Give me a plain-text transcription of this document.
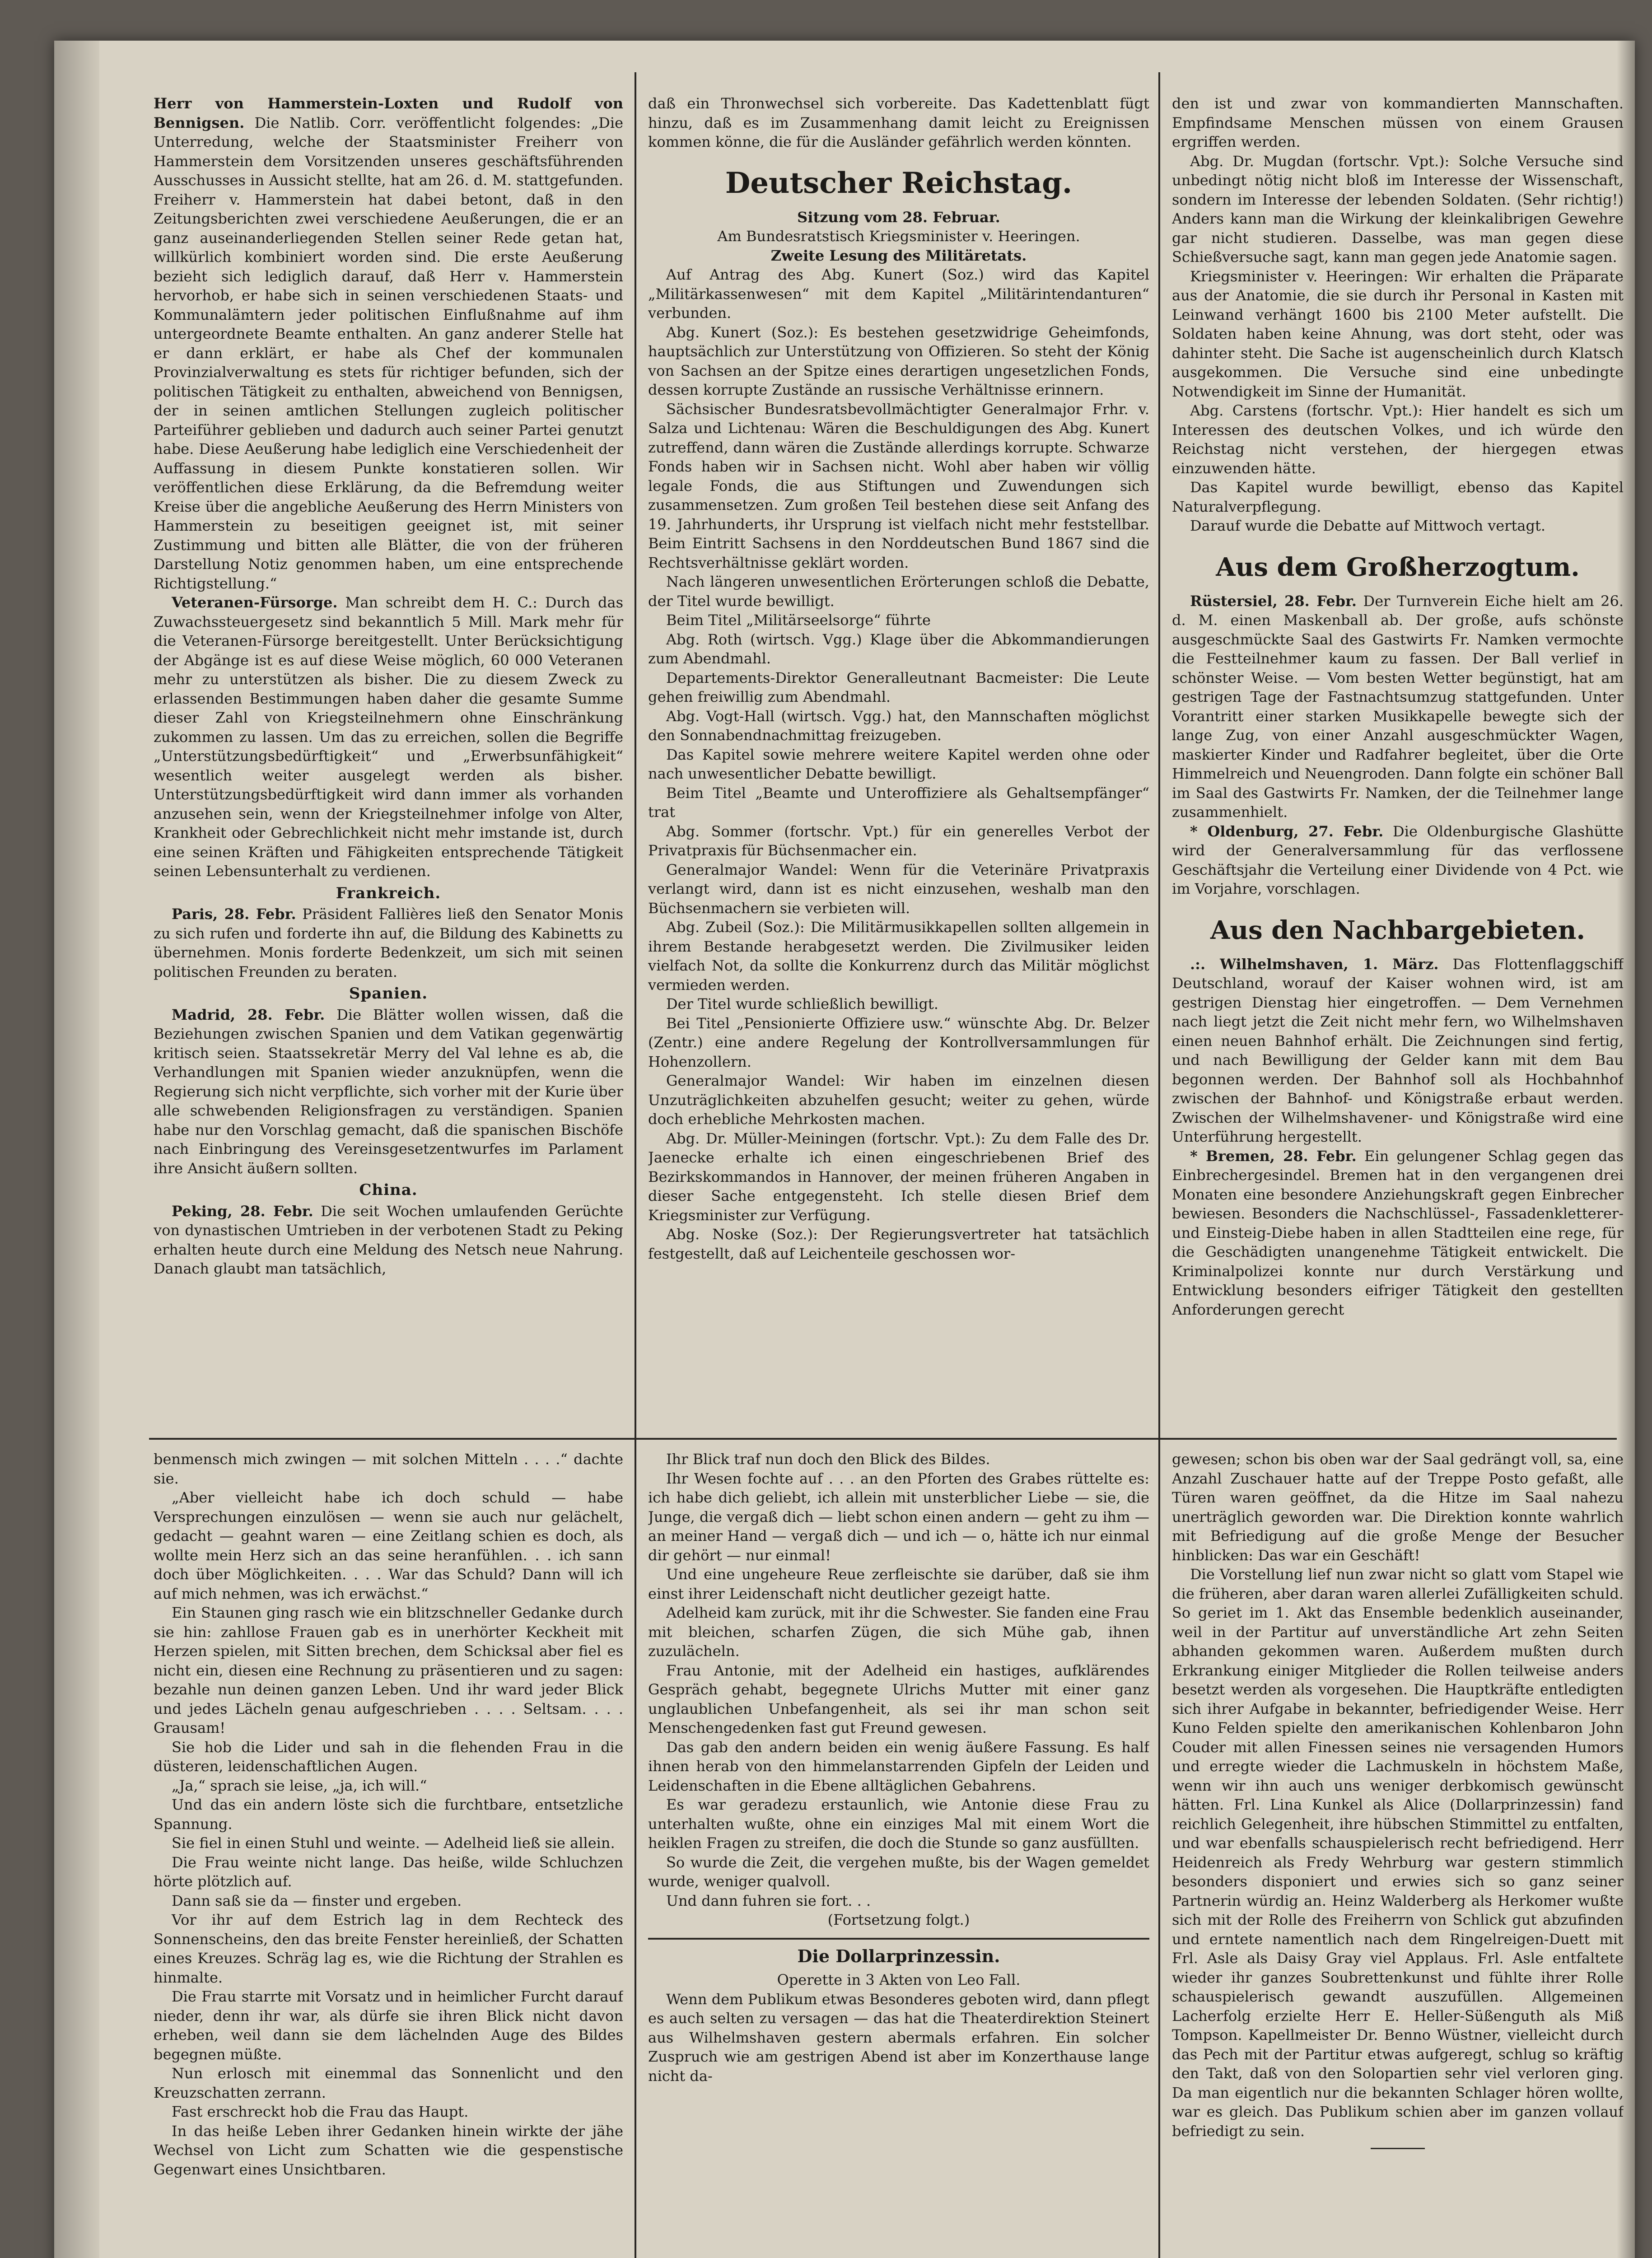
Herr von Hammerstein-Loxten und Rudolf von Bennigsen. Die Natlib. Corr. veröffentlicht folgendes: „Die Unterredung, welche der Staatsminister Freiherr von Hammerstein dem Vorsitzenden unseres geschäftsführenden Ausschusses in Aussicht stellte, hat am 26. d. M. stattgefunden. Freiherr v. Hammerstein hat dabei betont, daß in den Zeitungsberichten zwei verschiedene Aeußerungen, die er an ganz auseinanderliegenden Stellen seiner Rede getan hat, willkürlich kombiniert worden sind. Die erste Aeußerung bezieht sich lediglich darauf, daß Herr v. Hammerstein hervorhob, er habe sich in seinen verschiedenen Staats- und Kommunalämtern jeder politischen Einflußnahme auf ihm untergeordnete Beamte enthalten. An ganz anderer Stelle hat er dann erklärt, er habe als Chef der kommunalen Provinzialverwaltung es stets für richtiger befunden, sich der politischen Tätigkeit zu enthalten, abweichend von Bennigsen, der in seinen amtlichen Stellungen zugleich politischer Parteiführer geblieben und dadurch auch seiner Partei genutzt habe. Diese Aeußerung habe lediglich eine Verschiedenheit der Auffassung in diesem Punkte konstatieren sollen. Wir veröffentlichen diese Erklärung, da die Befremdung weiter Kreise über die angebliche Aeußerung des Herrn Ministers von Hammerstein zu beseitigen geeignet ist, mit seiner Zustimmung und bitten alle Blätter, die von der früheren Darstellung Notiz genommen haben, um eine entsprechende Richtigstellung.“

Veteranen-Fürsorge. Man schreibt dem H. C.: Durch das Zuwachssteuergesetz sind bekanntlich 5 Mill. Mark mehr für die Veteranen-Fürsorge bereitgestellt. Unter Berücksichtigung der Abgänge ist es auf diese Weise möglich, 60 000 Veteranen mehr zu unterstützen als bisher. Die zu diesem Zweck zu erlassenden Bestimmungen haben daher die gesamte Summe dieser Zahl von Kriegsteilnehmern ohne Einschränkung zukommen zu lassen. Um das zu erreichen, sollen die Begriffe „Unterstützungsbedürftigkeit“ und „Erwerbsunfähigkeit“ wesentlich weiter ausgelegt werden als bisher. Unterstützungsbedürftigkeit wird dann immer als vorhanden anzusehen sein, wenn der Kriegsteilnehmer infolge von Alter, Krankheit oder Gebrechlichkeit nicht mehr imstande ist, durch eine seinen Kräften und Fähigkeiten entsprechende Tätigkeit seinen Lebensunterhalt zu verdienen.

Frankreich.

Paris, 28. Febr. Präsident Fallières ließ den Senator Monis zu sich rufen und forderte ihn auf, die Bildung des Kabinetts zu übernehmen. Monis forderte Bedenkzeit, um sich mit seinen politischen Freunden zu beraten.

Spanien.

Madrid, 28. Febr. Die Blätter wollen wissen, daß die Beziehungen zwischen Spanien und dem Vatikan gegenwärtig kritisch seien. Staatssekretär Merry del Val lehne es ab, die Verhandlungen mit Spanien wieder anzuknüpfen, wenn die Regierung sich nicht verpflichte, sich vorher mit der Kurie über alle schwebenden Religionsfragen zu verständigen. Spanien habe nur den Vorschlag gemacht, daß die spanischen Bischöfe nach Einbringung des Vereinsgesetzentwurfes im Parlament ihre Ansicht äußern sollten.

China.

Peking, 28. Febr. Die seit Wochen umlaufenden Gerüchte von dynastischen Umtrieben in der verbotenen Stadt zu Peking erhalten heute durch eine Meldung des Netsch neue Nahrung. Danach glaubt man tatsächlich,

daß ein Thronwechsel sich vorbereite. Das Kadettenblatt fügt hinzu, daß es im Zusammenhang damit leicht zu Ereignissen kommen könne, die für die Ausländer gefährlich werden könnten.

Deutscher Reichstag.
Sitzung vom 28. Februar.

Am Bundesratstisch Kriegsminister v. Heeringen.

Zweite Lesung des Militäretats.

Auf Antrag des Abg. Kunert (Soz.) wird das Kapitel „Militärkassenwesen“ mit dem Kapitel „Militärintendanturen“ verbunden.

Abg. Kunert (Soz.): Es bestehen gesetzwidrige Geheimfonds, hauptsächlich zur Unterstützung von Offizieren. So steht der König von Sachsen an der Spitze eines derartigen ungesetzlichen Fonds, dessen korrupte Zustände an russische Verhältnisse erinnern.

Sächsischer Bundesratsbevollmächtigter Generalmajor Frhr. v. Salza und Lichtenau: Wären die Beschuldigungen des Abg. Kunert zutreffend, dann wären die Zustände allerdings korrupte. Schwarze Fonds haben wir in Sachsen nicht. Wohl aber haben wir völlig legale Fonds, die aus Stiftungen und Zuwendungen sich zusammensetzen. Zum großen Teil bestehen diese seit Anfang des 19. Jahrhunderts, ihr Ursprung ist vielfach nicht mehr feststellbar. Beim Eintritt Sachsens in den Norddeutschen Bund 1867 sind die Rechtsverhältnisse geklärt worden.

Nach längeren unwesentlichen Erörterungen schloß die Debatte, der Titel wurde bewilligt.

Beim Titel „Militärseelsorge“ führte

Abg. Roth (wirtsch. Vgg.) Klage über die Abkommandierungen zum Abendmahl.

Departements-Direktor Generalleutnant Bacmeister: Die Leute gehen freiwillig zum Abendmahl.

Abg. Vogt-Hall (wirtsch. Vgg.) hat, den Mannschaften möglichst den Sonnabendnachmittag freizugeben.

Das Kapitel sowie mehrere weitere Kapitel werden ohne oder nach unwesentlicher Debatte bewilligt.

Beim Titel „Beamte und Unteroffiziere als Gehaltsempfänger“ trat

Abg. Sommer (fortschr. Vpt.) für ein generelles Verbot der Privatpraxis für Büchsenmacher ein.

Generalmajor Wandel: Wenn für die Veterinäre Privatpraxis verlangt wird, dann ist es nicht einzusehen, weshalb man den Büchsenmachern sie verbieten will.

Abg. Zubeil (Soz.): Die Militärmusikkapellen sollten allgemein in ihrem Bestande herabgesetzt werden. Die Zivilmusiker leiden vielfach Not, da sollte die Konkurrenz durch das Militär möglichst vermieden werden.

Der Titel wurde schließlich bewilligt.

Bei Titel „Pensionierte Offiziere usw.“ wünschte Abg. Dr. Belzer (Zentr.) eine andere Regelung der Kontrollversammlungen für Hohenzollern.

Generalmajor Wandel: Wir haben im einzelnen diesen Unzuträglichkeiten abzuhelfen gesucht; weiter zu gehen, würde doch erhebliche Mehrkosten machen.

Abg. Dr. Müller-Meiningen (fortschr. Vpt.): Zu dem Falle des Dr. Jaenecke erhalte ich einen eingeschriebenen Brief des Bezirkskommandos in Hannover, der meinen früheren Angaben in dieser Sache entgegensteht. Ich stelle diesen Brief dem Kriegsminister zur Verfügung.

Abg. Noske (Soz.): Der Regierungsvertreter hat tatsächlich festgestellt, daß auf Leichenteile geschossen wor-

den ist und zwar von kommandierten Mannschaften. Empfindsame Menschen müssen von einem Grausen ergriffen werden.

Abg. Dr. Mugdan (fortschr. Vpt.): Solche Versuche sind unbedingt nötig nicht bloß im Interesse der Wissenschaft, sondern im Interesse der lebenden Soldaten. (Sehr richtig!) Anders kann man die Wirkung der kleinkalibrigen Gewehre gar nicht studieren. Dasselbe, was man gegen diese Schießversuche sagt, kann man gegen jede Anatomie sagen.

Kriegsminister v. Heeringen: Wir erhalten die Präparate aus der Anatomie, die sie durch ihr Personal in Kasten mit Leinwand verhängt 1600 bis 2100 Meter aufstellt. Die Soldaten haben keine Ahnung, was dort steht, oder was dahinter steht. Die Sache ist augenscheinlich durch Klatsch ausgekommen. Die Versuche sind eine unbedingte Notwendigkeit im Sinne der Humanität.

Abg. Carstens (fortschr. Vpt.): Hier handelt es sich um Interessen des deutschen Volkes, und ich würde den Reichstag nicht verstehen, der hiergegen etwas einzuwenden hätte.

Das Kapitel wurde bewilligt, ebenso das Kapitel Naturalverpflegung.

Darauf wurde die Debatte auf Mittwoch vertagt.

Aus dem Großherzogtum.

Rüstersiel, 28. Febr. Der Turnverein Eiche hielt am 26. d. M. einen Maskenball ab. Der große, aufs schönste ausgeschmückte Saal des Gastwirts Fr. Namken vermochte die Festteilnehmer kaum zu fassen. Der Ball verlief in schönster Weise. — Vom besten Wetter begünstigt, hat am gestrigen Tage der Fastnachtsumzug stattgefunden. Unter Vorantritt einer starken Musikkapelle bewegte sich der lange Zug, von einer Anzahl ausgeschmückter Wagen, maskierter Kinder und Radfahrer begleitet, über die Orte Himmelreich und Neuengroden. Dann folgte ein schöner Ball im Saal des Gastwirts Fr. Namken, der die Teilnehmer lange zusammenhielt.

* Oldenburg, 27. Febr. Die Oldenburgische Glashütte wird der Generalversammlung für das verflossene Geschäftsjahr die Verteilung einer Dividende von 4 Pct. wie im Vorjahre, vorschlagen.

Aus den Nachbargebieten.

.:. Wilhelmshaven, 1. März. Das Flottenflaggschiff Deutschland, worauf der Kaiser wohnen wird, ist am gestrigen Dienstag hier eingetroffen. — Dem Vernehmen nach liegt jetzt die Zeit nicht mehr fern, wo Wilhelmshaven einen neuen Bahnhof erhält. Die Zeichnungen sind fertig, und nach Bewilligung der Gelder kann mit dem Bau begonnen werden. Der Bahnhof soll als Hochbahnhof zwischen der Bahnhof- und Königstraße erbaut werden. Zwischen der Wilhelmshavener- und Königstraße wird eine Unterführung hergestellt.

* Bremen, 28. Febr. Ein gelungener Schlag gegen das Einbrechergesindel. Bremen hat in den vergangenen drei Monaten eine besondere Anziehungskraft gegen Einbrecher bewiesen. Besonders die Nachschlüssel-, Fassadenkletterer- und Einsteig-Diebe haben in allen Stadtteilen eine rege, für die Geschädigten unangenehme Tätigkeit entwickelt. Die Kriminalpolizei konnte nur durch Verstärkung und Entwicklung besonders eifriger Tätigkeit den gestellten Anforderungen gerecht

benmensch mich zwingen — mit solchen Mitteln . . . .“ dachte sie.

„Aber vielleicht habe ich doch schuld — habe Versprechungen einzulösen — wenn sie auch nur gelächelt, gedacht — geahnt waren — eine Zeitlang schien es doch, als wollte mein Herz sich an das seine heranfühlen. . . ich sann doch über Möglichkeiten. . . . War das Schuld? Dann will ich auf mich nehmen, was ich erwächst.“

Ein Staunen ging rasch wie ein blitzschneller Gedanke durch sie hin: zahllose Frauen gab es in unerhörter Keckheit mit Herzen spielen, mit Sitten brechen, dem Schicksal aber fiel es nicht ein, diesen eine Rechnung zu präsentieren und zu sagen: bezahle nun deinen ganzen Leben. Und ihr ward jeder Blick und jedes Lächeln genau aufgeschrieben . . . . Seltsam. . . . Grausam!

Sie hob die Lider und sah in die flehenden Frau in die düsteren, leidenschaftlichen Augen.

„Ja,“ sprach sie leise, „ja, ich will.“

Und das ein andern löste sich die furchtbare, entsetzliche Spannung.

Sie fiel in einen Stuhl und weinte. — Adelheid ließ sie allein.

Die Frau weinte nicht lange. Das heiße, wilde Schluchzen hörte plötzlich auf.

Dann saß sie da — finster und ergeben.

Vor ihr auf dem Estrich lag in dem Rechteck des Sonnenscheins, den das breite Fenster hereinließ, der Schatten eines Kreuzes. Schräg lag es, wie die Richtung der Strahlen es hinmalte.

Die Frau starrte mit Vorsatz und in heimlicher Furcht darauf nieder, denn ihr war, als dürfe sie ihren Blick nicht davon erheben, weil dann sie dem lächelnden Auge des Bildes begegnen müßte.

Nun erlosch mit einemmal das Sonnenlicht und den Kreuzschatten zerrann.

Fast erschreckt hob die Frau das Haupt.

In das heiße Leben ihrer Gedanken hinein wirkte der jähe Wechsel von Licht zum Schatten wie die gespenstische Gegenwart eines Unsichtbaren.

Ihr Blick traf nun doch den Blick des Bildes.

Ihr Wesen fochte auf . . . an den Pforten des Grabes rüttelte es: ich habe dich geliebt, ich allein mit unsterblicher Liebe — sie, die Junge, die vergaß dich — liebt schon einen andern — geht zu ihm — an meiner Hand — vergaß dich — und ich — o, hätte ich nur einmal dir gehört — nur einmal!

Und eine ungeheure Reue zerfleischte sie darüber, daß sie ihm einst ihrer Leidenschaft nicht deutlicher gezeigt hatte.

Adelheid kam zurück, mit ihr die Schwester. Sie fanden eine Frau mit bleichen, scharfen Zügen, die sich Mühe gab, ihnen zuzulächeln.

Frau Antonie, mit der Adelheid ein hastiges, aufklärendes Gespräch gehabt, begegnete Ulrichs Mutter mit einer ganz unglaublichen Unbefangenheit, als sei ihr man schon seit Menschengedenken fast gut Freund gewesen.

Das gab den andern beiden ein wenig äußere Fassung. Es half ihnen herab von den himmelanstarrenden Gipfeln der Leiden und Leidenschaften in die Ebene alltäglichen Gebahrens.

Es war geradezu erstaunlich, wie Antonie diese Frau zu unterhalten wußte, ohne ein einziges Mal mit einem Wort die heiklen Fragen zu streifen, die doch die Stunde so ganz ausfüllten.

So wurde die Zeit, die vergehen mußte, bis der Wagen gemeldet wurde, weniger qualvoll.

Und dann fuhren sie fort. . .

(Fortsetzung folgt.)

Die Dollarprinzessin.
Operette in 3 Akten von Leo Fall.

Wenn dem Publikum etwas Besonderes geboten wird, dann pflegt es auch selten zu versagen — das hat die Theaterdirektion Steinert aus Wilhelmshaven gestern abermals erfahren. Ein solcher Zuspruch wie am gestrigen Abend ist aber im Konzerthause lange nicht da-

gewesen; schon bis oben war der Saal gedrängt voll, sa, eine Anzahl Zuschauer hatte auf der Treppe Posto gefaßt, alle Türen waren geöffnet, da die Hitze im Saal nahezu unerträglich geworden war. Die Direktion konnte wahrlich mit Befriedigung auf die große Menge der Besucher hinblicken: Das war ein Geschäft!

Die Vorstellung lief nun zwar nicht so glatt vom Stapel wie die früheren, aber daran waren allerlei Zufälligkeiten schuld. So geriet im 1. Akt das Ensemble bedenklich auseinander, weil in der Partitur auf unverständliche Art zehn Seiten abhanden gekommen waren. Außerdem mußten durch Erkrankung einiger Mitglieder die Rollen teilweise anders besetzt werden als vorgesehen. Die Hauptkräfte entledigten sich ihrer Aufgabe in bekannter, befriedigender Weise. Herr Kuno Felden spielte den amerikanischen Kohlenbaron John Couder mit allen Finessen seines nie versagenden Humors und erregte wieder die Lachmuskeln in höchstem Maße, wenn wir ihn auch uns weniger derbkomisch gewünscht hätten. Frl. Lina Kunkel als Alice (Dollarprinzessin) fand reichlich Gelegenheit, ihre hübschen Stimmittel zu entfalten, und war ebenfalls schauspielerisch recht befriedigend. Herr Heidenreich als Fredy Wehrburg war gestern stimmlich besonders disponiert und erwies sich so ganz seiner Partnerin würdig an. Heinz Walderberg als Herkomer wußte sich mit der Rolle des Freiherrn von Schlick gut abzufinden und erntete namentlich nach dem Ringelreigen-Duett mit Frl. Asle als Daisy Gray viel Applaus. Frl. Asle entfaltete wieder ihr ganzes Soubrettenkunst und fühlte ihrer Rolle schauspielerisch gewandt auszufüllen. Allgemeinen Lacherfolg erzielte Herr E. Heller-Süßenguth als Miß Tompson. Kapellmeister Dr. Benno Wüstner, vielleicht durch das Pech mit der Partitur etwas aufgeregt, schlug so kräftig den Takt, daß von den Solopartien sehr viel verloren ging. Da man eigentlich nur die bekannten Schlager hören wollte, war es gleich. Das Publikum schien aber im ganzen vollauf befriedigt zu sein.
